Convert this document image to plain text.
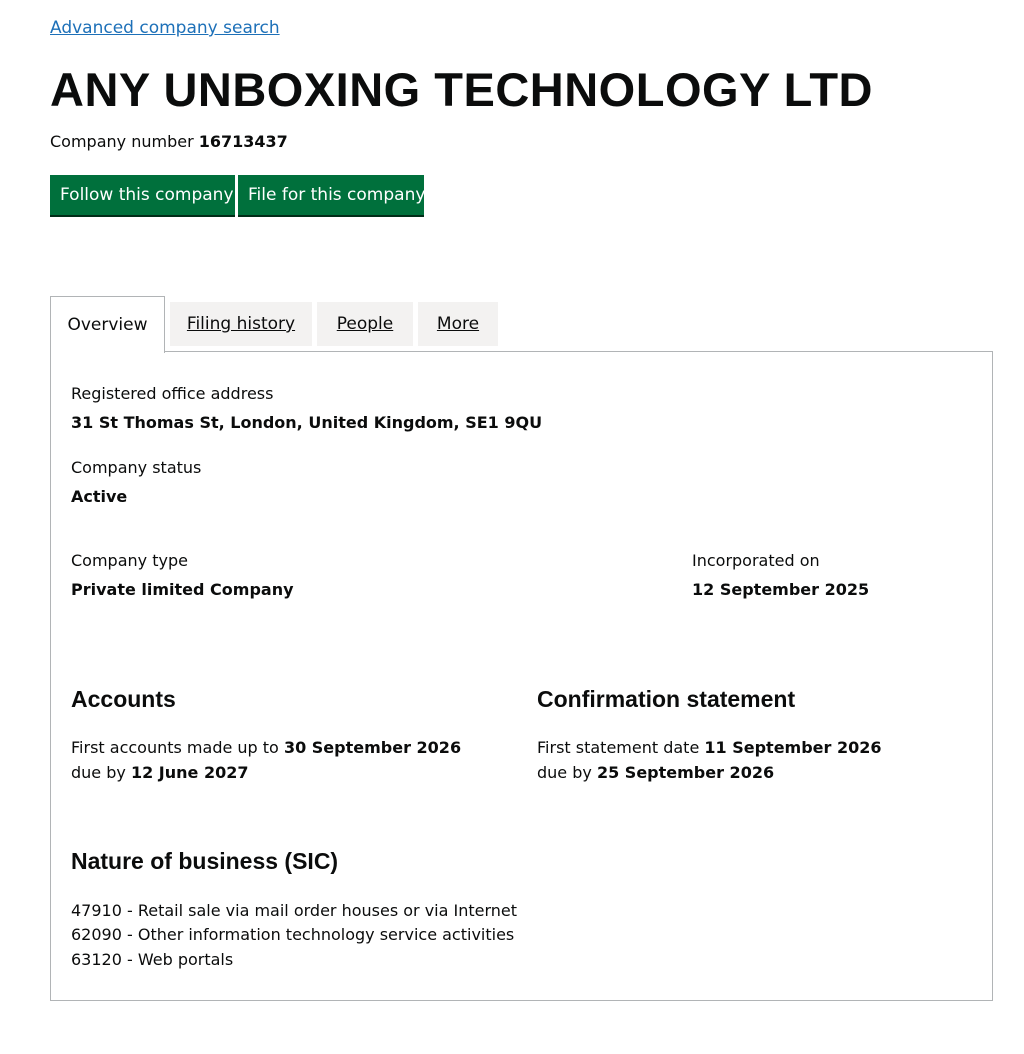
Advanced company search
ANY UNBOXING TECHNOLOGY LTD
Company number 16713437
Follow this company File for this company
Overview	Filing history	People	More
Registered office address
31 St Thomas St, London, United Kingdom, SE1 9QU
Company status
Active
Company type
Private limited Company
Incorporated on
12 September 2025
Accounts
First accounts made up to 30 September 2026
due by 12 June 2027
Confirmation statement
First statement date 11 September 2026
due by 25 September 2026
Nature of business (SIC)
47910 - Retail sale via mail order houses or via Internet
62090 - Other information technology service activities
63120 - Web portals
